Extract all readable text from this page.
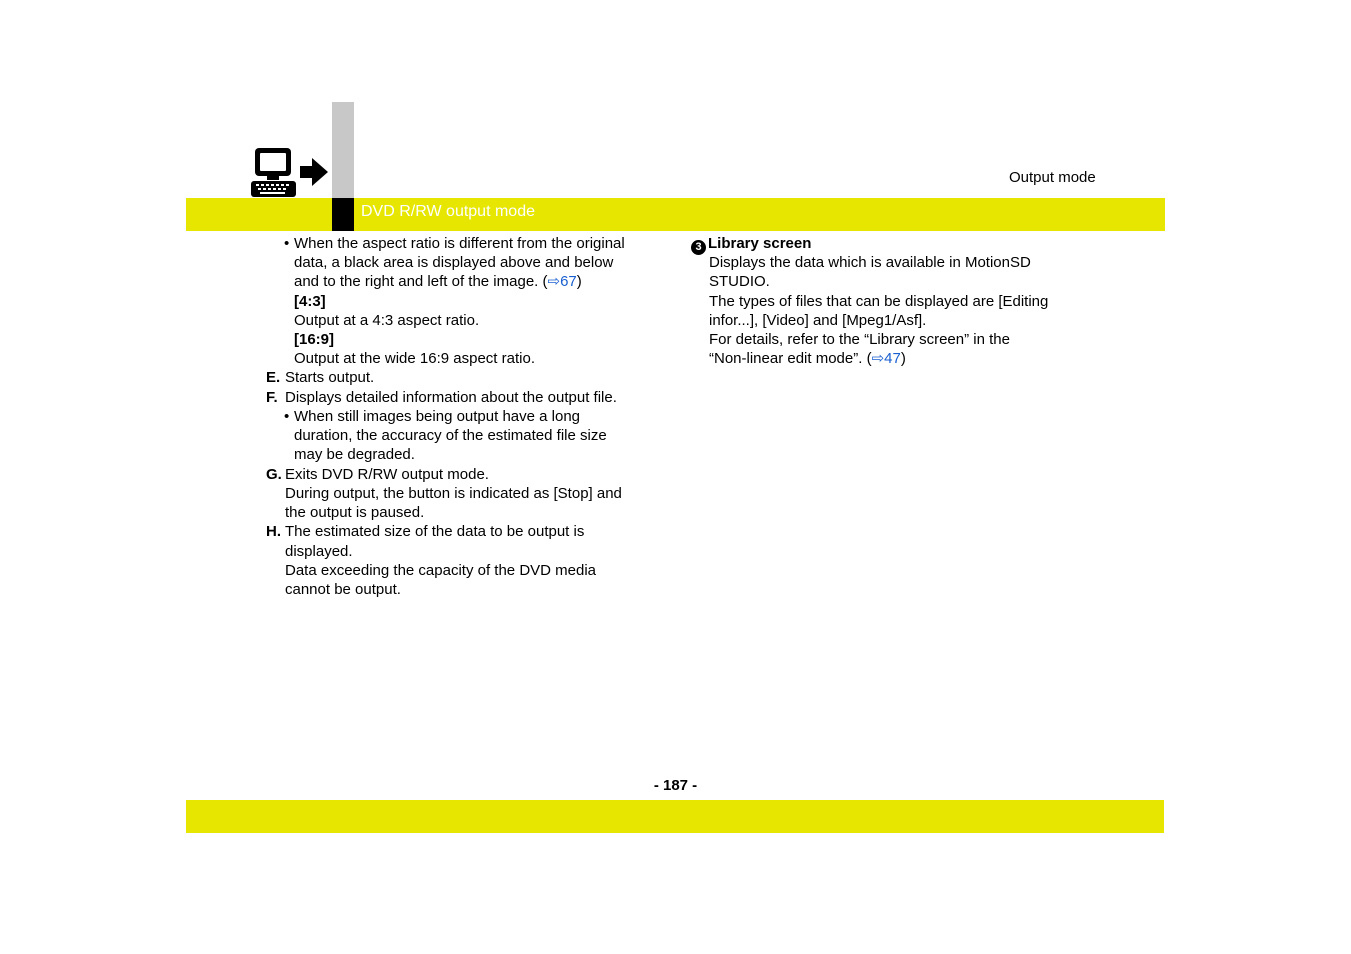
DVD R/RW output mode
Output mode
• When the aspect ratio is different from the original
data, a black area is displayed above and below
and to the right and left of the image. (⇨67)
[4:3]
Output at a 4:3 aspect ratio.
[16:9]
Output at the wide 16:9 aspect ratio.
E. Starts output.
F. Displays detailed information about the output file.
• When still images being output have a long
duration, the accuracy of the estimated file size
may be degraded.
G. Exits DVD R/RW output mode.
During output, the button is indicated as [Stop] and
the output is paused.
H. The estimated size of the data to be output is
displayed.
Data exceeding the capacity of the DVD media
cannot be output.
3 Library screen
Displays the data which is available in MotionSD
STUDIO.
The types of files that can be displayed are [Editing
infor...], [Video] and [Mpeg1/Asf].
For details, refer to the “Library screen” in the
“Non-linear edit mode”. (⇨47)
- 187 -
